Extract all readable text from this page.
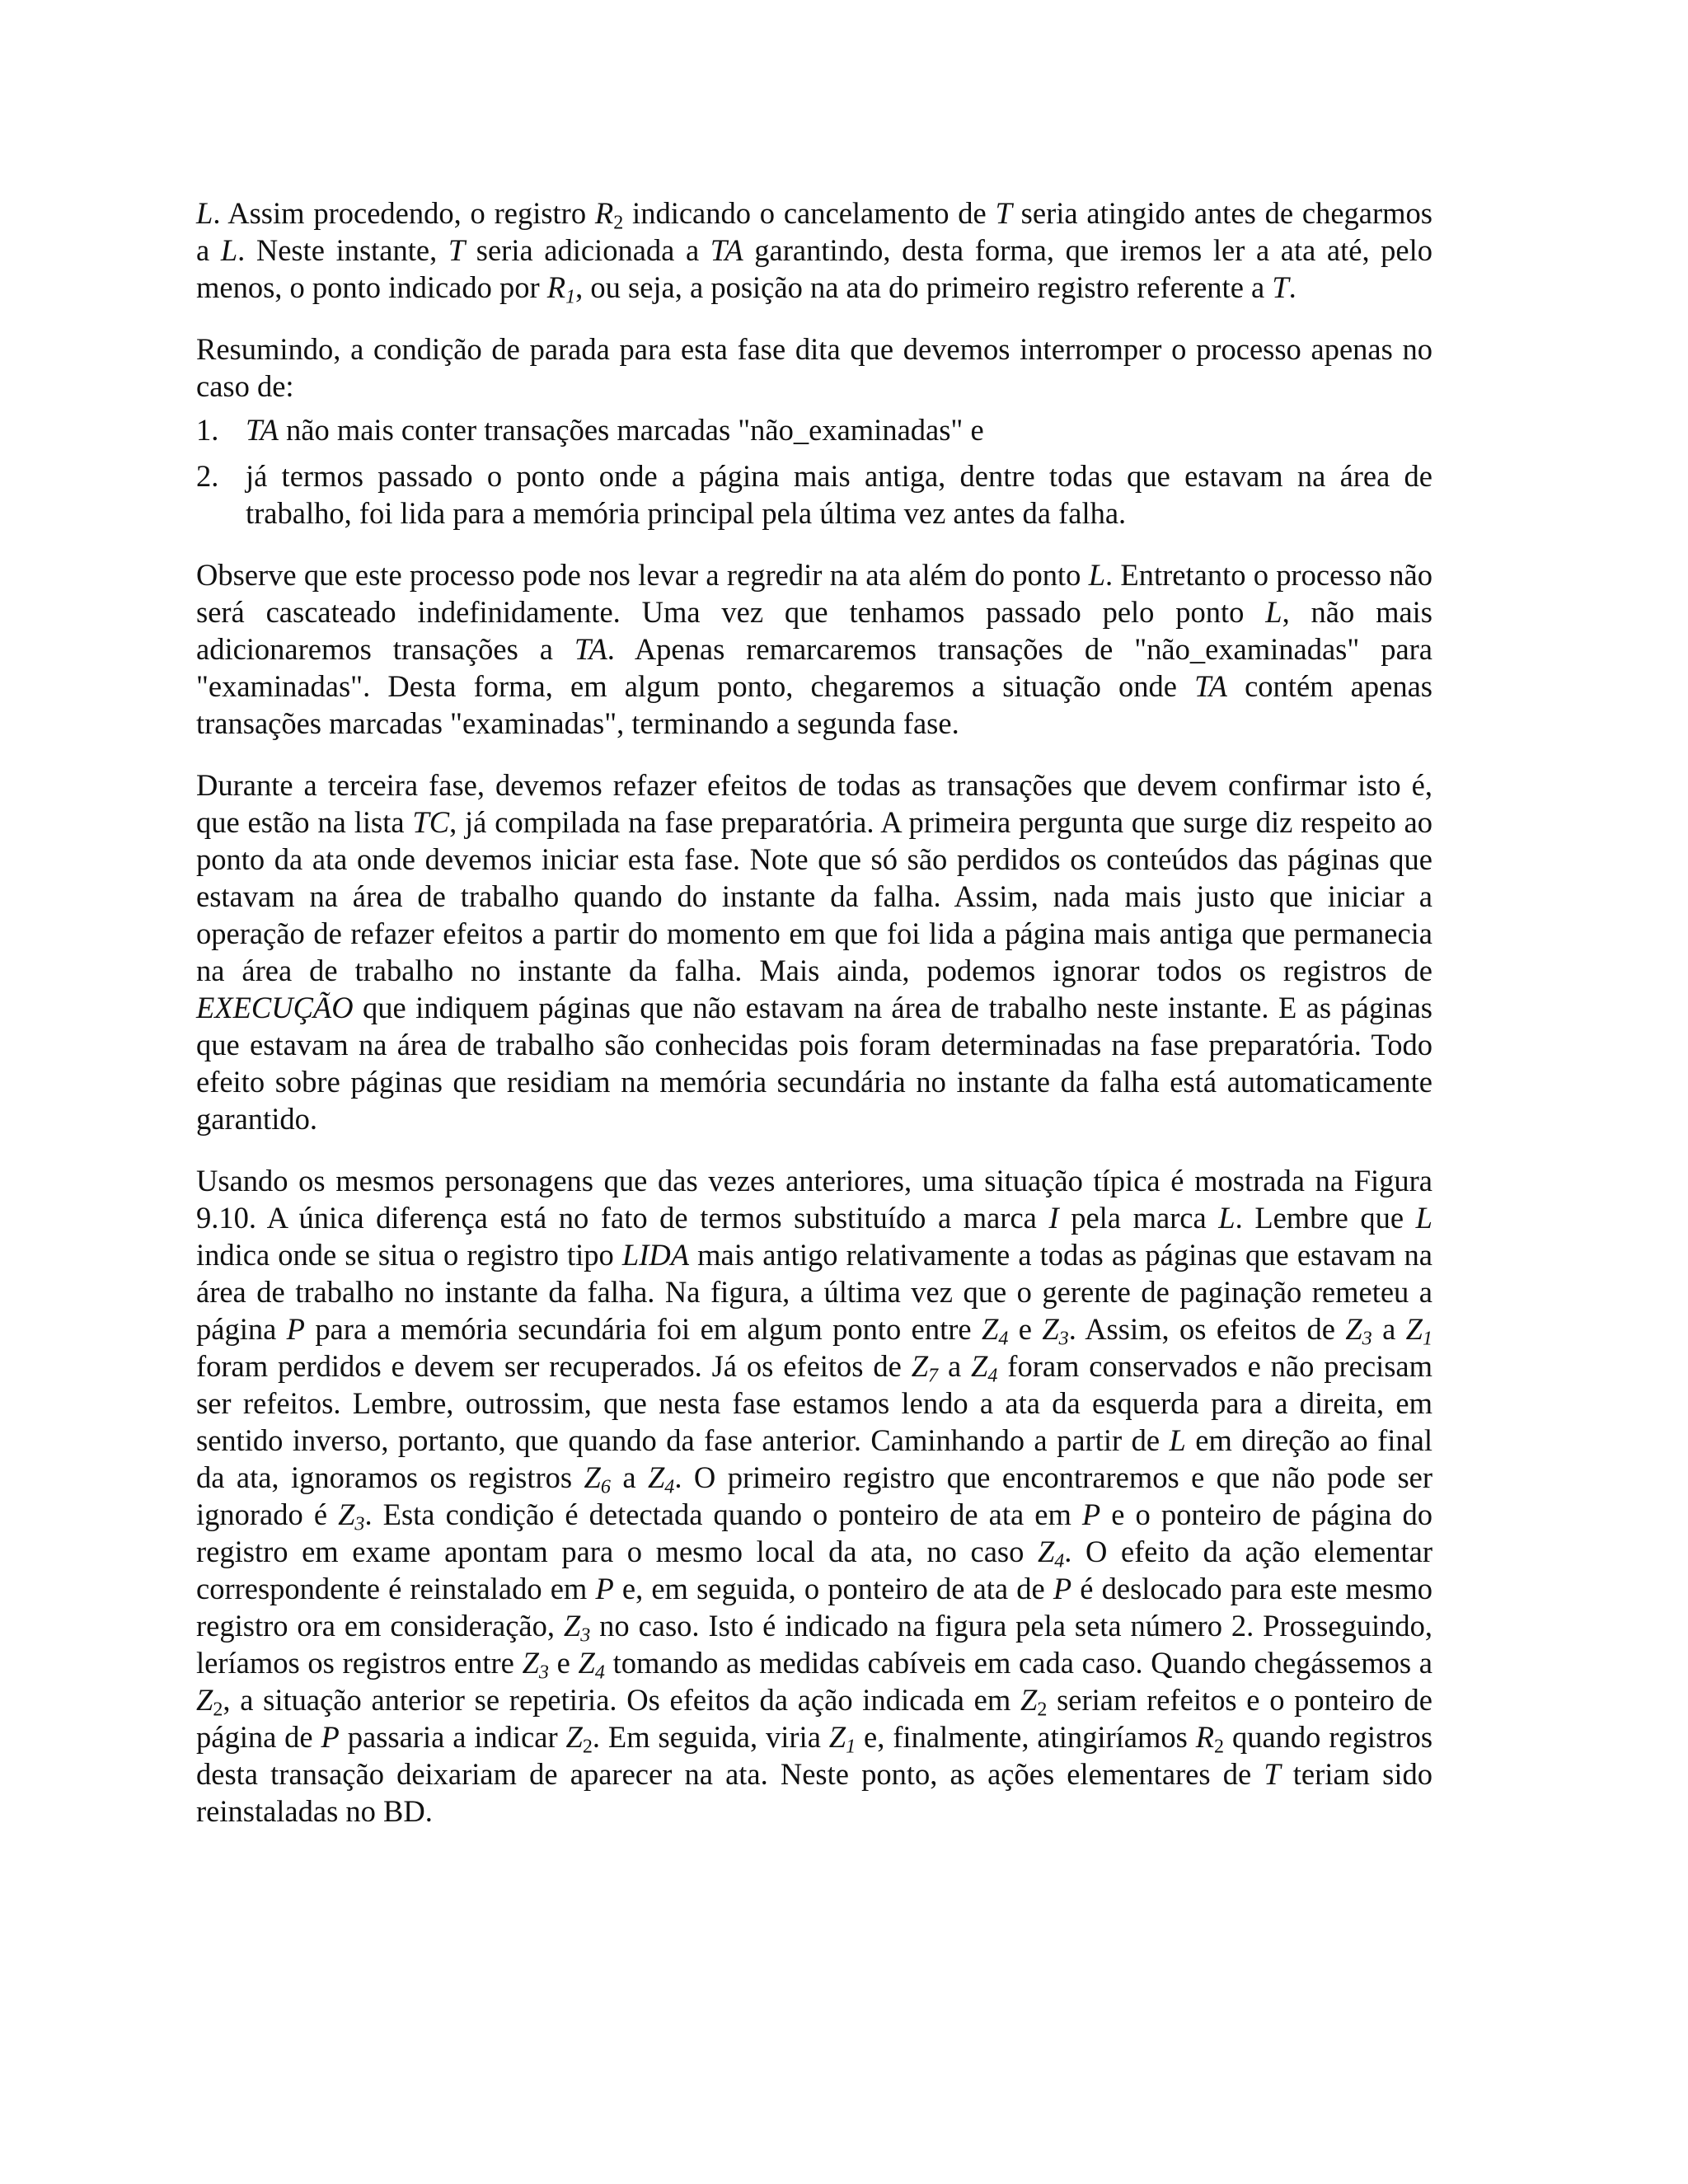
L. Assim procedendo, o registro $R_2$ indicando o cancelamento de T seria atingido antes de chegarmos a L. Neste instante, T seria adicionada a TA garantindo, desta forma, que iremos ler a ata até, pelo menos, o ponto indicado por $R_1$, ou seja, a posição na ata do primeiro registro referente a T.

Resumindo, a condição de parada para esta fase dita que devemos interromper o processo apenas no caso de:

1. TA não mais conter transações marcadas "não_examinadas" e
2. já termos passado o ponto onde a página mais antiga, dentre todas que estavam na área de trabalho, foi lida para a memória principal pela última vez antes da falha.

Observe que este processo pode nos levar a regredir na ata além do ponto L. Entretanto o processo não será cascateado indefinidamente. Uma vez que tenhamos passado pelo ponto L, não mais adicionaremos transações a TA. Apenas remarcaremos transações de "não_examinadas" para "examinadas". Desta forma, em algum ponto, chegaremos a situação onde TA contém apenas transações marcadas "examinadas", terminando a segunda fase.

Durante a terceira fase, devemos refazer efeitos de todas as transações que devem confirmar isto é, que estão na lista TC, já compilada na fase preparatória. A primeira pergunta que surge diz respeito ao ponto da ata onde devemos iniciar esta fase. Note que só são perdidos os conteúdos das páginas que estavam na área de trabalho quando do instante da falha. Assim, nada mais justo que iniciar a operação de refazer efeitos a partir do momento em que foi lida a página mais antiga que permanecia na área de trabalho no instante da falha. Mais ainda, podemos ignorar todos os registros de EXECUÇÃO que indiquem páginas que não estavam na área de trabalho neste instante. E as páginas que estavam na área de trabalho são conhecidas pois foram determinadas na fase preparatória. Todo efeito sobre páginas que residiam na memória secundária no instante da falha está automaticamente garantido.

Usando os mesmos personagens que das vezes anteriores, uma situação típica é mostrada na Figura 9.10. A única diferença está no fato de termos substituído a marca I pela marca L. Lembre que L indica onde se situa o registro tipo LIDA mais antigo relativamente a todas as páginas que estavam na área de trabalho no instante da falha. Na figura, a última vez que o gerente de paginação remeteu a página P para a memória secundária foi em algum ponto entre $Z_4$ e $Z_3$. Assim, os efeitos de $Z_3$ a $Z_1$ foram perdidos e devem ser recuperados. Já os efeitos de $Z_7$ a $Z_4$ foram conservados e não precisam ser refeitos. Lembre, outrossim, que nesta fase estamos lendo a ata da esquerda para a direita, em sentido inverso, portanto, que quando da fase anterior. Caminhando a partir de L em direção ao final da ata, ignoramos os registros $Z_6$ a $Z_4$. O primeiro registro que encontraremos e que não pode ser ignorado é $Z_3$. Esta condição é detectada quando o ponteiro de ata em P e o ponteiro de página do registro em exame apontam para o mesmo local da ata, no caso $Z_4$. O efeito da ação elementar correspondente é reinstalado em P e, em seguida, o ponteiro de ata de P é deslocado para este mesmo registro ora em consideração, $Z_3$ no caso. Isto é indicado na figura pela seta número 2. Prosseguindo, leríamos os registros entre $Z_3$ e $Z_4$ tomando as medidas cabíveis em cada caso. Quando chegássemos a $Z_2$, a situação anterior se repetiria. Os efeitos da ação indicada em $Z_2$ seriam refeitos e o ponteiro de página de P passaria a indicar $Z_2$. Em seguida, viria $Z_1$ e, finalmente, atingiríamos $R_2$ quando registros desta transação deixariam de aparecer na ata. Neste ponto, as ações elementares de T teriam sido reinstaladas no BD.
